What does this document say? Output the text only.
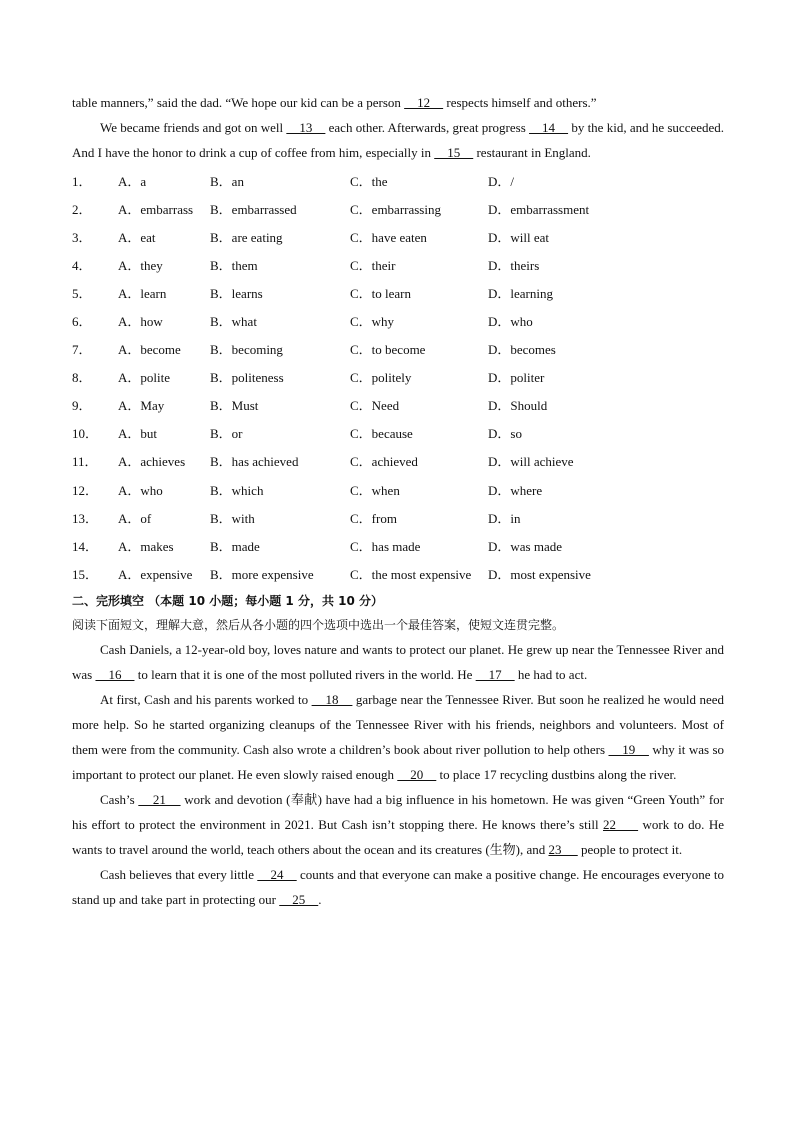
table manners,” said the dad. “We hope our kid can be a person     12     respects himself and others.”

We became friends and got on well     13     each other. Afterwards, great progress     14     by the kid, and he succeeded. And I have the honor to drink a cup of coffee from him, especially in     15     restaurant in England.

1．	A．a	B．an	C．the	D．/
2．	A．embarrass	B．embarrassed	C．embarrassing	D．embarrassment
3．	A．eat	B．are eating	C．have eaten	D．will eat
4．	A．they	B．them	C．their	D．theirs
5．	A．learn	B．learns	C．to learn	D．learning
6．	A．how	B．what	C．why	D．who
7．	A．become	B．becoming	C．to become	D．becomes
8．	A．polite	B．politeness	C．politely	D．politer
9．	A．May	B．Must	C．Need	D．Should
10．	A．but	B．or	C．because	D．so
11．	A．achieves	B．has achieved	C．achieved	D．will achieve
12．	A．who	B．which	C．when	D．where
13．	A．of	B．with	C．from	D．in
14．	A．makes	B．made	C．has made	D．was made
15．	A．expensive	B．more expensive	C．the most expensive	D．most expensive
二、完形填空 （本题 10 小题；每小题 1 分，共 10 分）
阅读下面短文，理解大意，然后从各小题的四个选项中选出一个最佳答案，使短文连贯完整。

Cash Daniels, a 12-year-old boy, loves nature and wants to protect our planet. He grew up near the Tennessee River and was     16     to learn that it is one of the most polluted rivers in the world. He     17     he had to act.

At first, Cash and his parents worked to     18     garbage near the Tennessee River. But soon he realized he would need more help. So he started organizing cleanups of the Tennessee River with his friends, neighbors and volunteers. Most of them were from the community. Cash also wrote a children’s book about river pollution to help others     19     why it was so important to protect our planet. He even slowly raised enough     20     to place 17 recycling dustbins along the river.

Cash’s     21     work and devotion (奉献) have had a big influence in his hometown. He was given “Green Youth” for his effort to protect the environment in 2021. But Cash isn’t stopping there. He knows there’s still 22      work to do. He wants to travel around the world, teach others about the ocean and its creatures (生物), and 23      people to protect it.

Cash believes that every little     24     counts and that everyone can make a positive change. He encourages everyone to stand up and take part in protecting our     25    .
